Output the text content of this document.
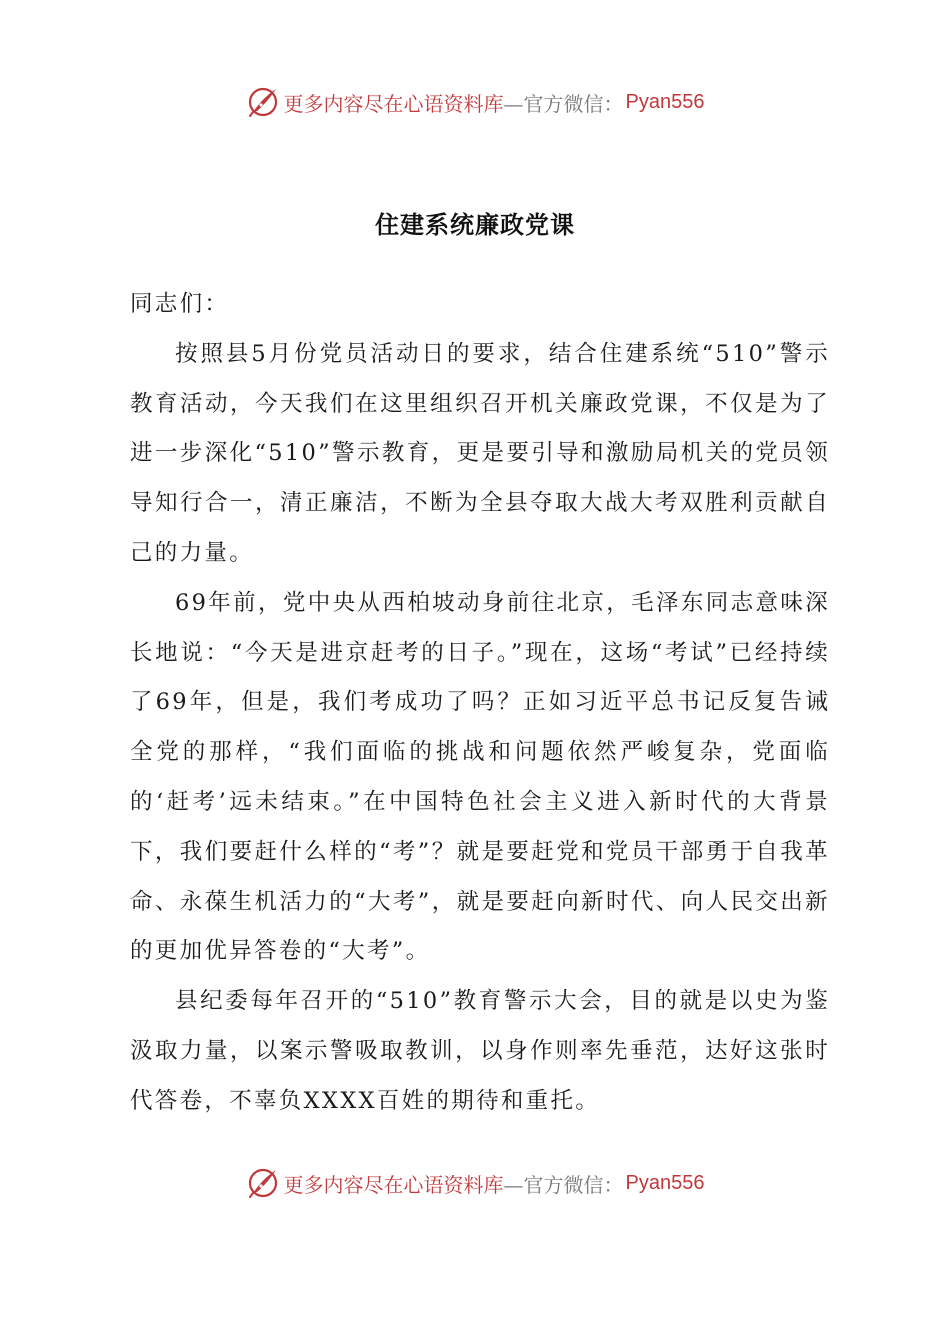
更多内容尽在心语资料库 —官方微信： Pyan556
住建系统廉政党课

同志们：

按照县5月份党员活动日的要求，结合住建系统“510”警示教育活动，今天我们在这里组织召开机关廉政党课，不仅是为了进一步深化“510”警示教育，更是要引导和激励局机关的党员领导知行合一，清正廉洁，不断为全县夺取大战大考双胜利贡献自己的力量。

69年前，党中央从西柏坡动身前往北京，毛泽东同志意味深长地说：“今天是进京赶考的日子。”现在，这场“考试”已经持续了69年，但是，我们考成功了吗？正如习近平总书记反复告诫全党的那样，“我们面临的挑战和问题依然严峻复杂，党面临的‘赶考’远未结束。”在中国特色社会主义进入新时代的大背景下，我们要赶什么样的“考”？就是要赶党和党员干部勇于自我革命、永葆生机活力的“大考”，就是要赶向新时代、向人民交出新的更加优异答卷的“大考”。

县纪委每年召开的“510”教育警示大会，目的就是以史为鉴汲取力量，以案示警吸取教训，以身作则率先垂范，达好这张时代答卷，不辜负XXXX百姓的期待和重托。

更多内容尽在心语资料库 —官方微信： Pyan556
